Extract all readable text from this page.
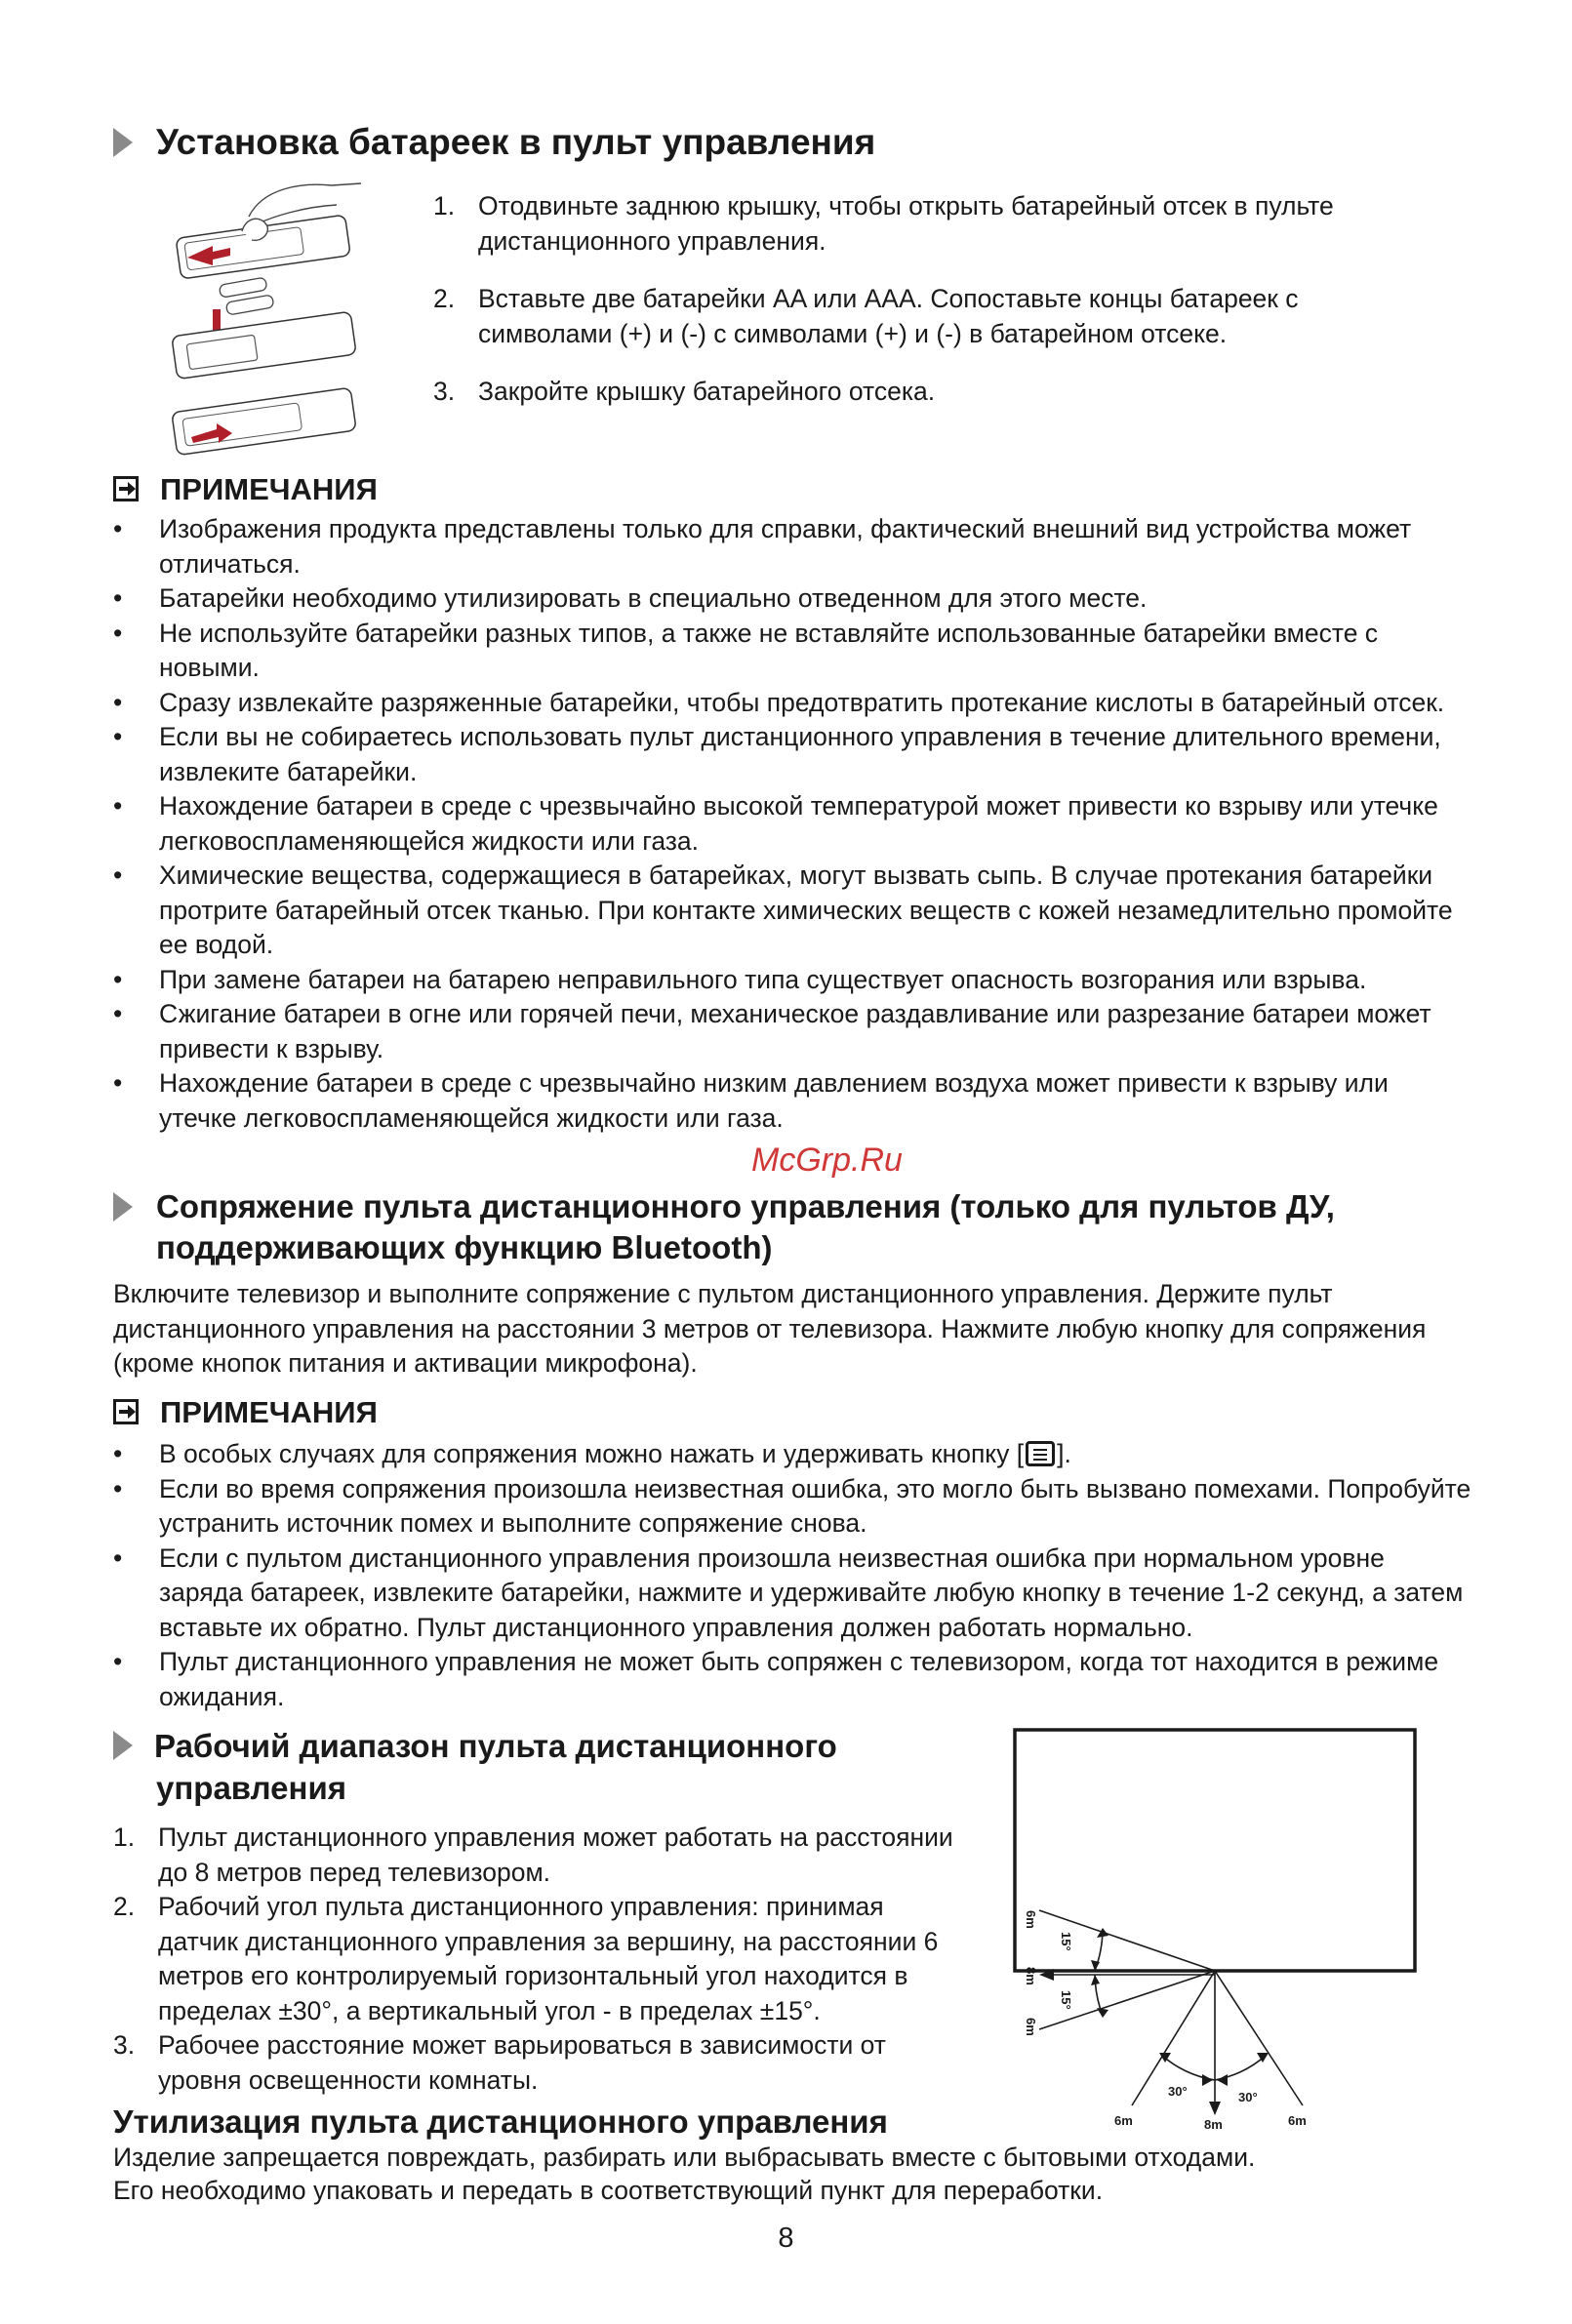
Установка батареек в пульт управления
1. Отодвиньте заднюю крышку, чтобы открыть батарейный отсек в пульте дистанционного управления.
2. Вставьте две батарейки AA или AAA. Сопоставьте концы батареек с символами (+) и (-) с символами (+) и (-) в батарейном отсеке.
3. Закройте крышку батарейного отсека.
ПРИМЕЧАНИЯ
• Изображения продукта представлены только для справки, фактический внешний вид устройства может отличаться.
• Батарейки необходимо утилизировать в специально отведенном для этого месте.
• Не используйте батарейки разных типов, а также не вставляйте использованные батарейки вместе с новыми.
• Сразу извлекайте разряженные батарейки, чтобы предотвратить протекание кислоты в батарейный отсек.
• Если вы не собираетесь использовать пульт дистанционного управления в течение длительного времени, извлеките батарейки.
• Нахождение батареи в среде с чрезвычайно высокой температурой может привести ко взрыву или утечке легковоспламеняющейся жидкости или газа.
• Химические вещества, содержащиеся в батарейках, могут вызвать сыпь. В случае протекания батарейки протрите батарейный отсек тканью. При контакте химических веществ с кожей незамедлительно промойте ее водой.
• При замене батареи на батарею неправильного типа существует опасность возгорания или взрыва.
• Сжигание батареи в огне или горячей печи, механическое раздавливание или разрезание батареи может привести к взрыву.
• Нахождение батареи в среде с чрезвычайно низким давлением воздуха может привести к взрыву или утечке легковоспламеняющейся жидкости или газа.
McGrp.Ru
Сопряжение пульта дистанционного управления (только для пультов ДУ,
поддерживающих функцию Bluetooth)
Включите телевизор и выполните сопряжение с пультом дистанционного управления. Держите пульт дистанционного управления на расстоянии 3 метров от телевизора. Нажмите любую кнопку для сопряжения (кроме кнопок питания и активации микрофона).
ПРИМЕЧАНИЯ
• В особых случаях для сопряжения можно нажать и удерживать кнопку [ ].
• Если во время сопряжения произошла неизвестная ошибка, это могло быть вызвано помехами. Попробуйте устранить источник помех и выполните сопряжение снова.
• Если с пультом дистанционного управления произошла неизвестная ошибка при нормальном уровне заряда батареек, извлеките батарейки, нажмите и удерживайте любую кнопку в течение 1-2 секунд, а затем вставьте их обратно. Пульт дистанционного управления должен работать нормально.
• Пульт дистанционного управления не может быть сопряжен с телевизором, когда тот находится в режиме ожидания.
Рабочий диапазон пульта дистанционного
управления
1. Пульт дистанционного управления может работать на расстоянии до 8 метров перед телевизором.
2. Рабочий угол пульта дистанционного управления: принимая датчик дистанционного управления за вершину, на расстоянии 6 метров его контролируемый горизонтальный угол находится в пределах ±30°, а вертикальный угол - в пределах ±15°.
3. Рабочее расстояние может варьироваться в зависимости от уровня освещенности комнаты.
6m
8m
6m
15°
15°
30°	30°
6m	8m	6m
Утилизация пульта дистанционного управления
Изделие запрещается повреждать, разбирать или выбрасывать вместе с бытовыми отходами.
Его необходимо упаковать и передать в соответствующий пункт для переработки.
8
